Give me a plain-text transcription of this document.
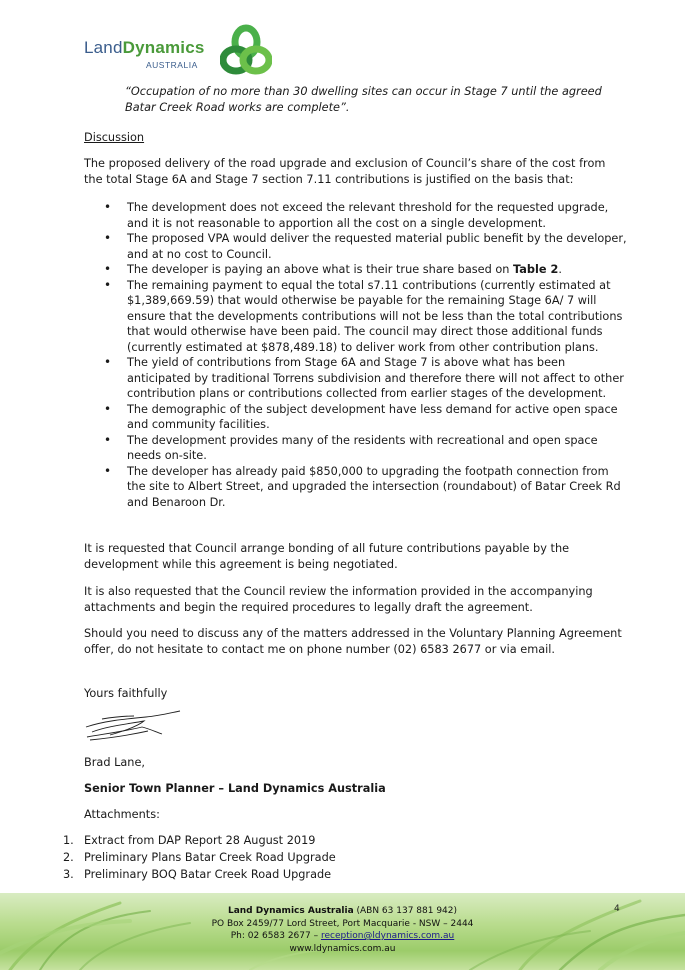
LandDynamics
AUSTRALIA
“Occupation of no more than 30 dwelling sites can occur in Stage 7 until the agreed Batar Creek Road works are complete”.
Discussion
The proposed delivery of the road upgrade and exclusion of Council’s share of the cost from the total Stage 6A and Stage 7 section 7.11 contributions is justified on the basis that:
• The development does not exceed the relevant threshold for the requested upgrade, and it is not reasonable to apportion all the cost on a single development.
• The proposed VPA would deliver the requested material public benefit by the developer, and at no cost to Council.
• The developer is paying an above what is their true share based on Table 2.
• The remaining payment to equal the total s7.11 contributions (currently estimated at $1,389,669.59) that would otherwise be payable for the remaining Stage 6A/ 7 will ensure that the developments contributions will not be less than the total contributions that would otherwise have been paid. The council may direct those additional funds (currently estimated at $878,489.18) to deliver work from other contribution plans.
• The yield of contributions from Stage 6A and Stage 7 is above what has been anticipated by traditional Torrens subdivision and therefore there will not affect to other contribution plans or contributions collected from earlier stages of the development.
• The demographic of the subject development have less demand for active open space and community facilities.
• The development provides many of the residents with recreational and open space needs on-site.
• The developer has already paid $850,000 to upgrading the footpath connection from the site to Albert Street, and upgraded the intersection (roundabout) of Batar Creek Rd and Benaroon Dr.
It is requested that Council arrange bonding of all future contributions payable by the development while this agreement is being negotiated.
It is also requested that the Council review the information provided in the accompanying attachments and begin the required procedures to legally draft the agreement.
Should you need to discuss any of the matters addressed in the Voluntary Planning Agreement offer, do not hesitate to contact me on phone number (02) 6583 2677 or via email.
Yours faithfully
Brad Lane,
Senior Town Planner – Land Dynamics Australia
Attachments:
1. Extract from DAP Report 28 August 2019
2. Preliminary Plans Batar Creek Road Upgrade
3. Preliminary BOQ Batar Creek Road Upgrade
Land Dynamics Australia (ABN 63 137 881 942)
PO Box 2459/77 Lord Street, Port Macquarie - NSW – 2444
Ph: 02 6583 2677 – reception@ldynamics.com.au
www.ldynamics.com.au
4
